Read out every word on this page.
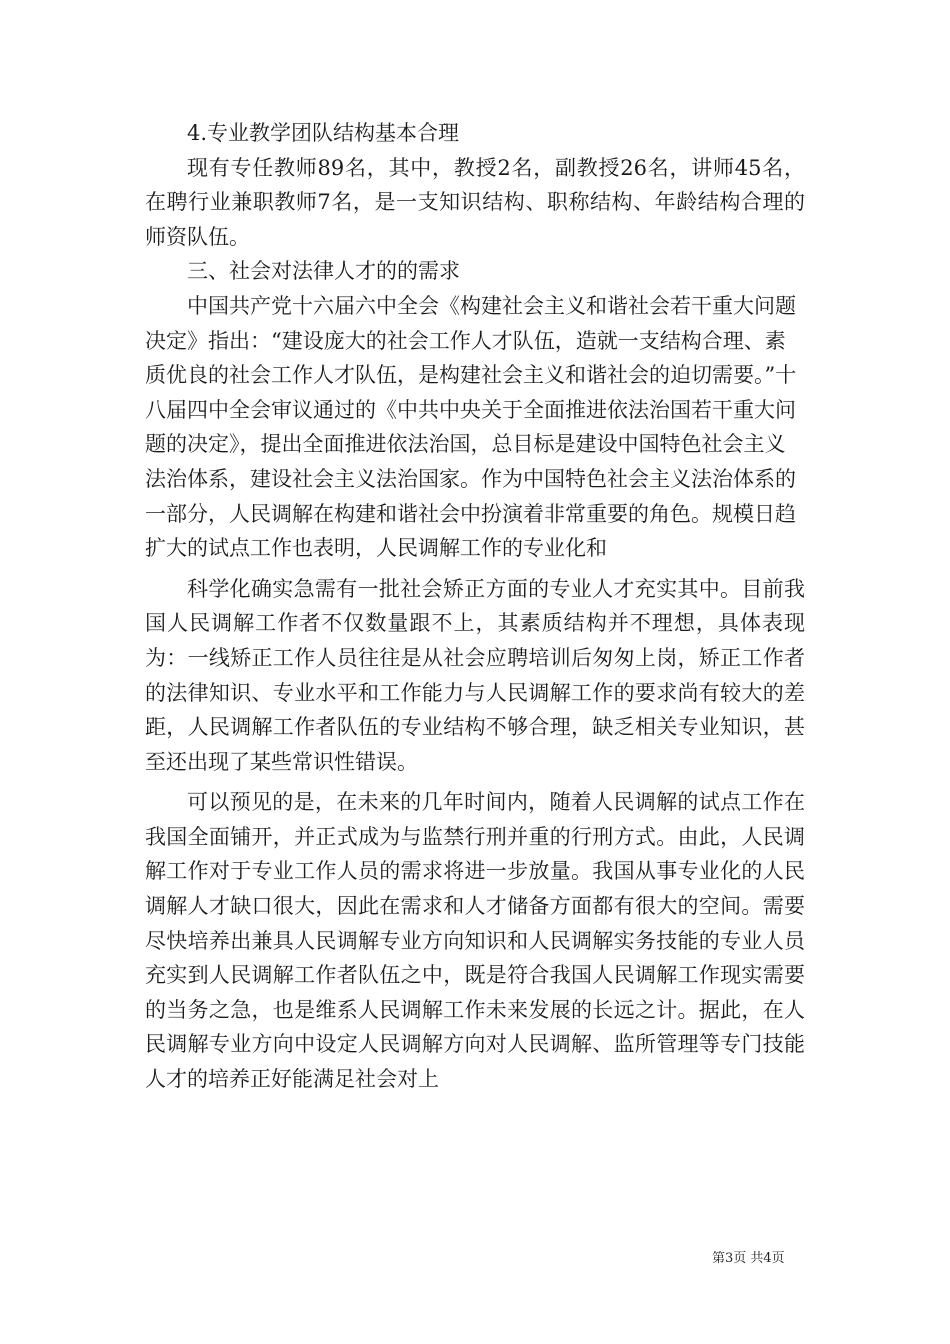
4.专业教学团队结构基本合理

现有专任教师89名，其中，教授2名，副教授26名，讲师45名，在聘行业兼职教师7名，是一支知识结构、职称结构、年龄结构合理的师资队伍。

三、社会对法律人才的的需求

中国共产党十六届六中全会《构建社会主义和谐社会若干重大问题决定》指出：“建设庞大的社会工作人才队伍，造就一支结构合理、素质优良的社会工作人才队伍，是构建社会主义和谐社会的迫切需要。”十八届四中全会审议通过的《中共中央关于全面推进依法治国若干重大问题的决定》，提出全面推进依法治国，总目标是建设中国特色社会主义法治体系，建设社会主义法治国家。作为中国特色社会主义法治体系的一部分，人民调解在构建和谐社会中扮演着非常重要的角色。规模日趋扩大的试点工作也表明，人民调解工作的专业化和

科学化确实急需有一批社会矫正方面的专业人才充实其中。目前我国人民调解工作者不仅数量跟不上，其素质结构并不理想，具体表现为：一线矫正工作人员往往是从社会应聘培训后匆匆上岗，矫正工作者的法律知识、专业水平和工作能力与人民调解工作的要求尚有较大的差距，人民调解工作者队伍的专业结构不够合理，缺乏相关专业知识，甚至还出现了某些常识性错误。

可以预见的是，在未来的几年时间内，随着人民调解的试点工作在我国全面铺开，并正式成为与监禁行刑并重的行刑方式。由此，人民调解工作对于专业工作人员的需求将进一步放量。我国从事专业化的人民调解人才缺口很大，因此在需求和人才储备方面都有很大的空间。需要尽快培养出兼具人民调解专业方向知识和人民调解实务技能的专业人员充实到人民调解工作者队伍之中，既是符合我国人民调解工作现实需要的当务之急，也是维系人民调解工作未来发展的长远之计。据此，在人民调解专业方向中设定人民调解方向对人民调解、监所管理等专门技能人才的培养正好能满足社会对上

第3页 共4页
